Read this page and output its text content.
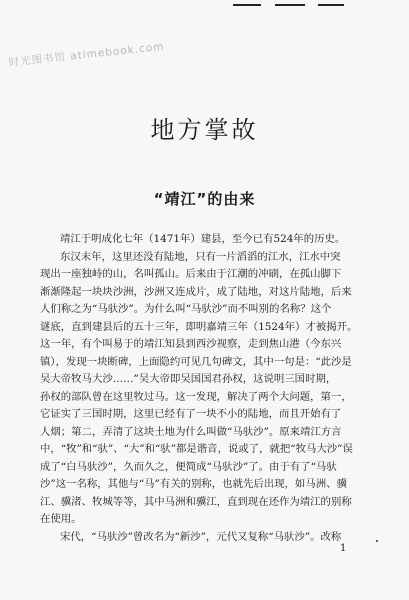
时光图书馆 atimebook.com
地方掌故
“靖江”的由来
靖江于明成化七年（1471年）建县，至今已有524年的历史。
东汉末年，这里还没有陆地，只有一片滔滔的江水，江水中突
现出一座独峙的山，名叫孤山。后来由于江潮的冲刷，在孤山脚下
渐渐隆起一块块沙洲，沙洲又连成片，成了陆地，对这片陆地，后来
人们称之为“马驮沙”。为什么叫“马驮沙”而不叫别的名称？这个
谜底，直到建县后的五十三年，即明嘉靖三年（1524年）才被揭开。
这一年，有个叫易于的靖江知县到西沙视察，走到焦山港（今东兴
镇），发现一块断碑，上面隐约可见几句碑文，其中一句是：“此沙是
吴大帝牧马大沙……”吴大帝即吴国国君孙权，这说明三国时期，
孙权的部队曾在这里牧过马。这一发现，解决了两个大问题，第一，
它证实了三国时期，这里已经有了一块不小的陆地，而且开始有了
人烟；第二，弄清了这块土地为什么叫做“马驮沙”。原来靖江方言
中，“牧”和“驮”、“大”和“驮”都是谐音，说或了，就把“牧马大沙”误
成了“白马驮沙”，久而久之，便简成“马驮沙”了。由于有了“马驮
沙”这一名称，其他与“马”有关的别称，也就先后出现，如马洲、骥
江、骥渚、牧城等等，其中马洲和骥江，直到现在还作为靖江的别称
在使用。
宋代，“马驮沙”曾改名为“新沙”，元代又复称“马驮沙”。改称
1
